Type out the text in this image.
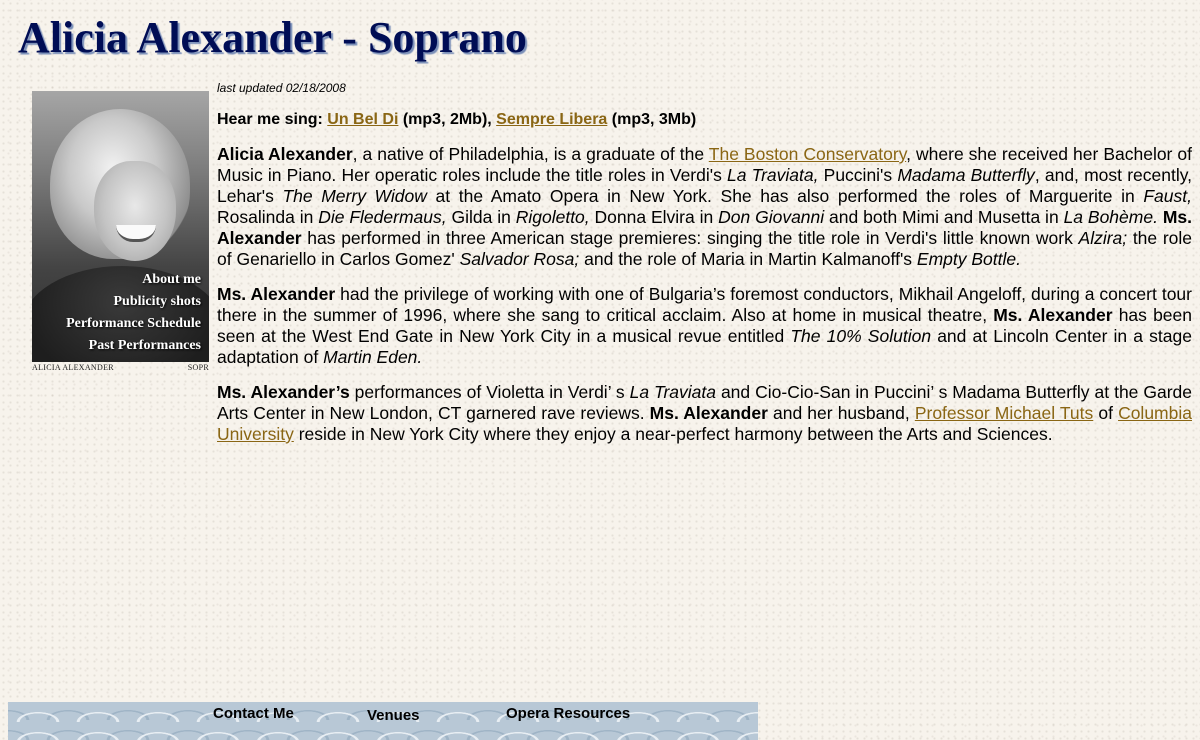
Alicia Alexander - Soprano
About me
Publicity shots
Performance Schedule
Past Performances
ALICIA ALEXANDER	SOPR

last updated 02/18/2008

Hear me sing: Un Bel Di (mp3, 2Mb), Sempre Libera (mp3, 3Mb)

Alicia Alexander, a native of Philadelphia, is a graduate of the The Boston Conservatory, where she received her Bachelor of Music in Piano. Her operatic roles include the title roles in Verdi's La Traviata, Puccini's Madama Butterfly, and, most recently, Lehar's The Merry Widow at the Amato Opera in New York. She has also performed the roles of Marguerite in Faust, Rosalinda in Die Fledermaus, Gilda in Rigoletto, Donna Elvira in Don Giovanni and both Mimi and Musetta in La Bohème. Ms. Alexander has performed in three American stage premieres: singing the title role in Verdi's little known work Alzira; the role of Genariello in Carlos Gomez' Salvador Rosa; and the role of Maria in Martin Kalmanoff's Empty Bottle.

Ms. Alexander had the privilege of working with one of Bulgaria’s foremost conductors, Mikhail Angeloff, during a concert tour there in the summer of 1996, where she sang to critical acclaim. Also at home in musical theatre, Ms. Alexander has been seen at the West End Gate in New York City in a musical revue entitled The 10% Solution and at Lincoln Center in a stage adaptation of Martin Eden.

Ms. Alexander’s performances of Violetta in Verdi’ s La Traviata and Cio-Cio-San in Puccini’ s Madama Butterfly at the Garde Arts Center in New London, CT garnered rave reviews. Ms. Alexander and her husband, Professor Michael Tuts of Columbia University reside in New York City where they enjoy a near-perfect harmony between the Arts and Sciences.

Contact Me	Venues	Opera Resources
